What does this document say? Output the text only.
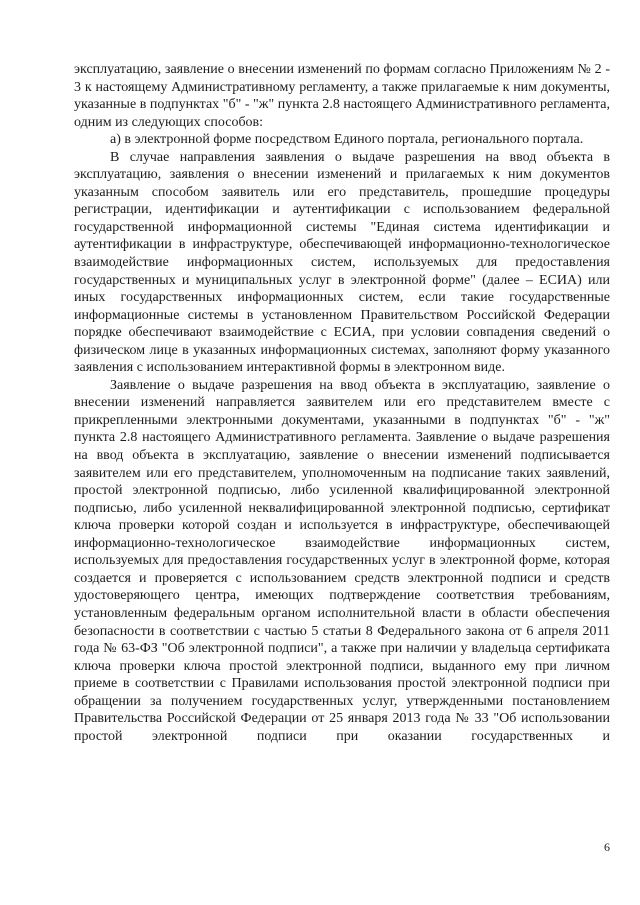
эксплуатацию, заявление о внесении изменений по формам согласно Приложениям № 2 - 3 к настоящему Административному регламенту, а также прилагаемые к ним документы, указанные в подпунктах "б" - "ж" пункта 2.8 настоящего Административного регламента, одним из следующих способов:

а) в электронной форме посредством Единого портала, регионального портала.

В случае направления заявления о выдаче разрешения на ввод объекта в эксплуатацию, заявления о внесении изменений и прилагаемых к ним документов указанным способом заявитель или его представитель, прошедшие процедуры регистрации, идентификации и аутентификации с использованием федеральной государственной информационной системы "Единая система идентификации и аутентификации в инфраструктуре, обеспечивающей информационно-технологическое взаимодействие информационных систем, используемых для предоставления государственных и муниципальных услуг в электронной форме" (далее – ЕСИА) или иных государственных информационных систем, если такие государственные информационные системы в установленном Правительством Российской Федерации порядке обеспечивают взаимодействие с ЕСИА, при условии совпадения сведений о физическом лице в указанных информационных системах, заполняют форму указанного заявления с использованием интерактивной формы в электронном виде.

Заявление о выдаче разрешения на ввод объекта в эксплуатацию, заявление о внесении изменений направляется заявителем или его представителем вместе с прикрепленными электронными документами, указанными в подпунктах "б" - "ж" пункта 2.8 настоящего Административного регламента. Заявление о выдаче разрешения на ввод объекта в эксплуатацию, заявление о внесении изменений подписывается заявителем или его представителем, уполномоченным на подписание таких заявлений, простой электронной подписью, либо усиленной квалифицированной электронной подписью, либо усиленной неквалифицированной электронной подписью, сертификат ключа проверки которой создан и используется в инфраструктуре, обеспечивающей информационно-технологическое взаимодействие информационных систем, используемых для предоставления государственных услуг в электронной форме, которая создается и проверяется с использованием средств электронной подписи и средств удостоверяющего центра, имеющих подтверждение соответствия требованиям, установленным федеральным органом исполнительной власти в области обеспечения безопасности в соответствии с частью 5 статьи 8 Федерального закона от 6 апреля 2011 года № 63-ФЗ "Об электронной подписи", а также при наличии у владельца сертификата ключа проверки ключа простой электронной подписи, выданного ему при личном приеме в соответствии с Правилами использования простой электронной подписи при обращении за получением государственных услуг, утвержденными постановлением Правительства Российской Федерации от 25 января 2013 года № 33 "Об использовании простой электронной подписи при оказании государственных и

6
